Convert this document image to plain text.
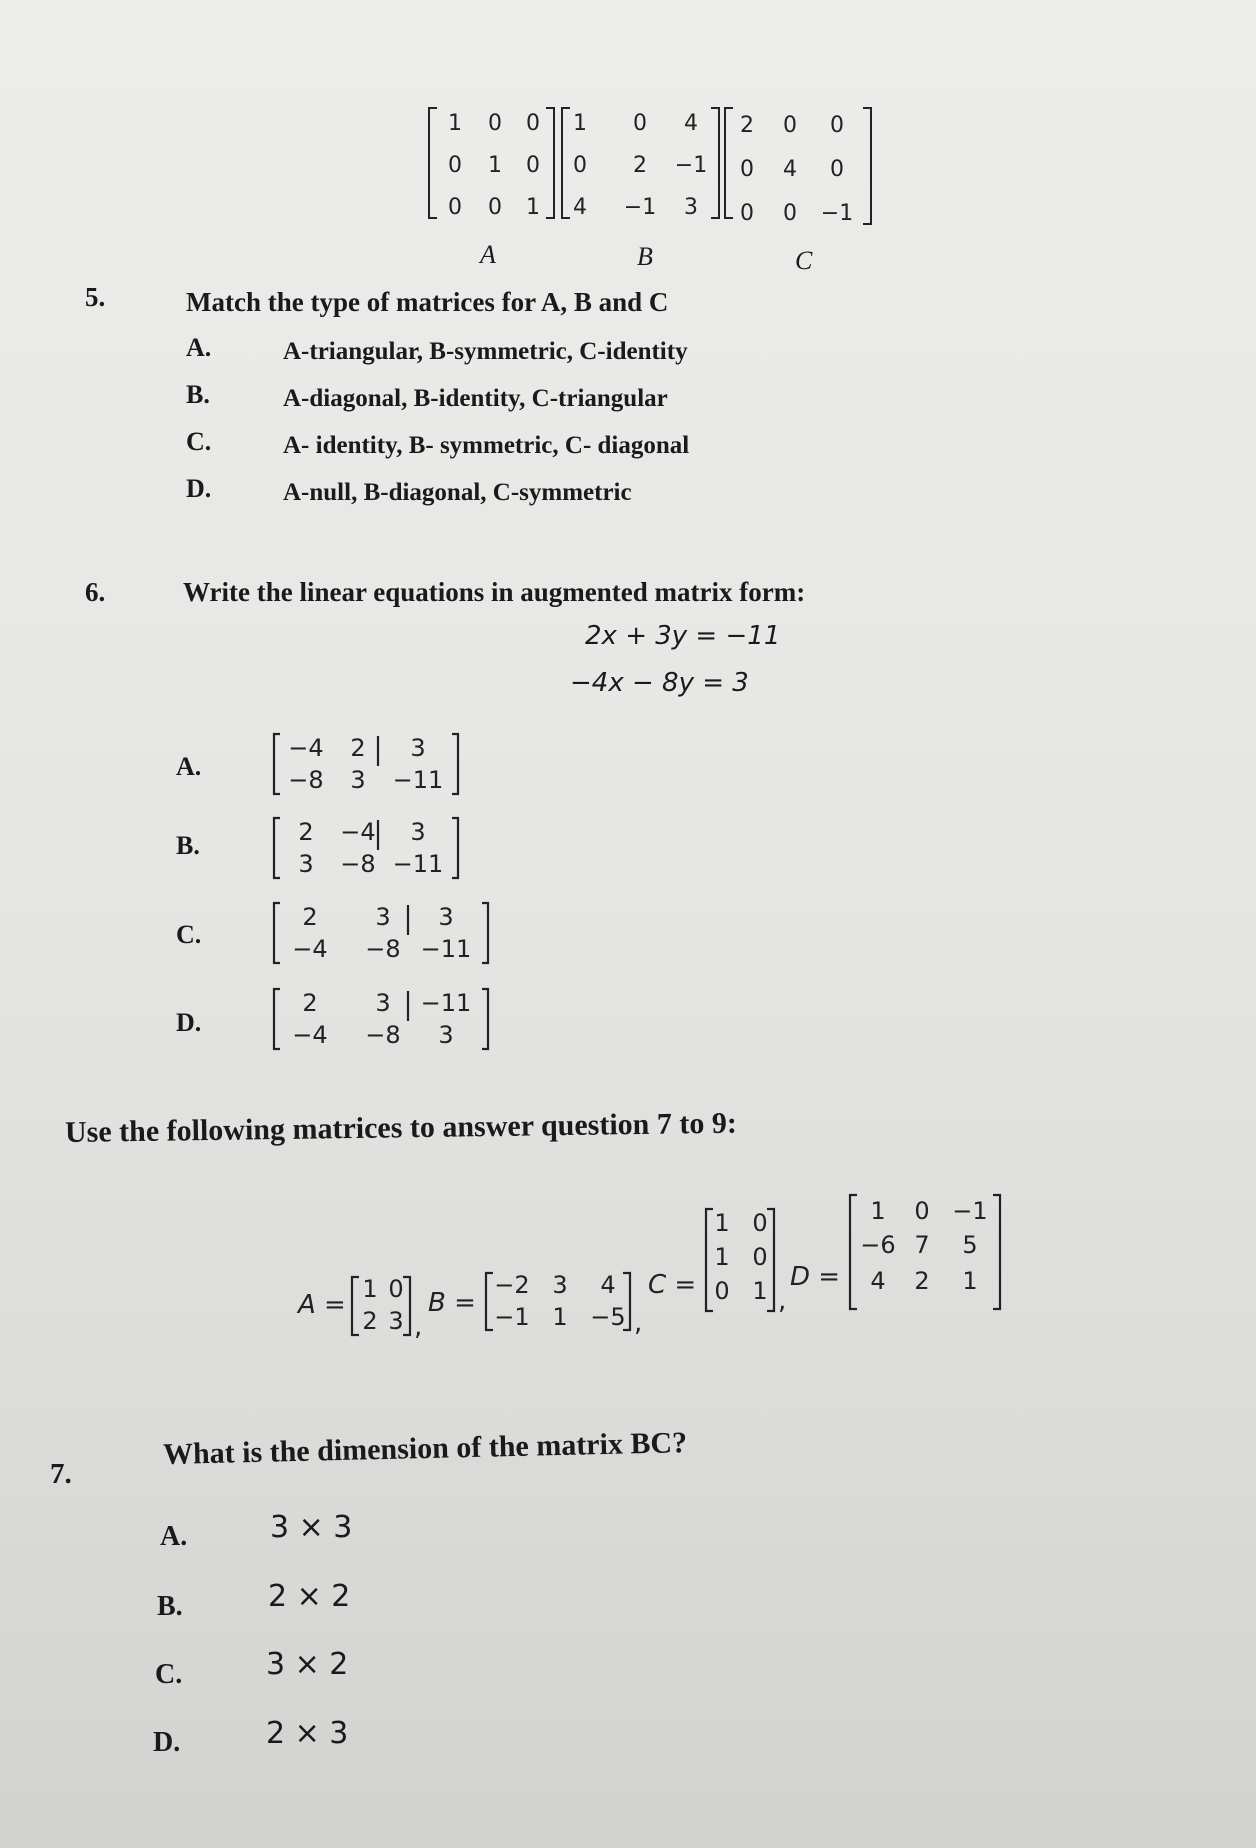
1 0 0
0 1 0
0 0 1
1 0 4
0 2 −1
4 −1 3
2 0 0
0 4 0
0 0 −1
A	B	C
5.	Match the type of matrices for A, B and C
A.	A-triangular, B-symmetric, C-identity
B.	A-diagonal, B-identity, C-triangular
C.	A- identity, B- symmetric, C- diagonal
D.	A-null, B-diagonal, C-symmetric
6.	Write the linear equations in augmented matrix form:
2x + 3y = −11
−4x − 8y = 3
A.
−4 2 3
−8 3 −11
B.	2 −4 3
3 −8 −11
C.
2 3 3
−4 −8 −11
D.
2 3 −11
−4 −8 3
Use the following matrices to answer question 7 to 9:
A =
1 0
2 3 ,
B =
−2 3 4
−1 1 −5 ,
C =
1 0
1 0
0 1 ,
D =
1 0 −1
−6 7 5
4 2 1
7.
What is the dimension of the matrix BC?
A.	3 × 3
B.	2 × 2
C.	3 × 2
D.	2 × 3
